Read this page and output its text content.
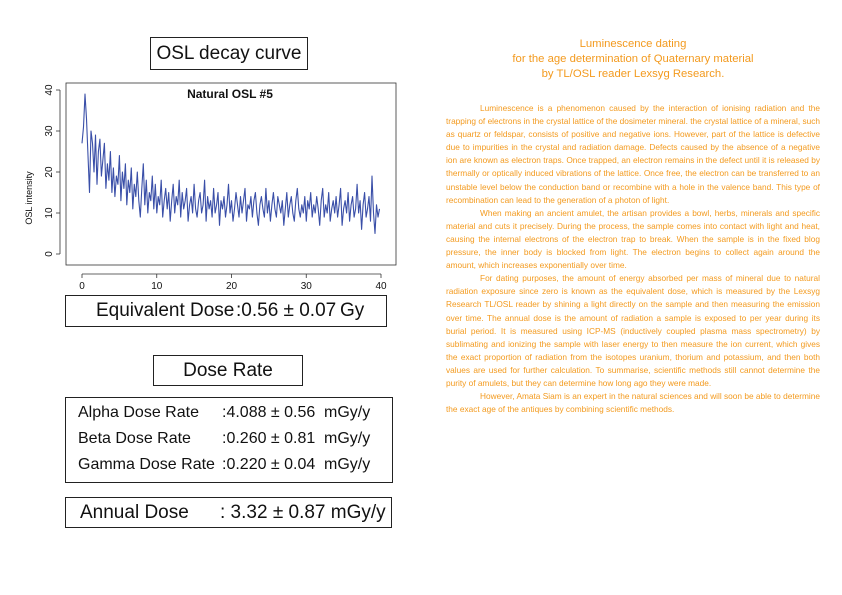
OSL decay curve
Natural OSL #5
OSL intensity
0	10	20	30	40
0
10
20
30
40
Equivalent Dose :0.56 ± 0.07 Gy
Dose Rate
Alpha Dose Rate :4.088 ± 0.56 mGy/y
Beta Dose Rate :0.260 ± 0.81 mGy/y
Gamma Dose Rate :0.220 ± 0.04 mGy/y
Annual Dose : 3.32 ± 0.87 mGy/y
Luminescence dating
for the age determination of Quaternary material
by TL/OSL reader Lexsyg Research.

Luminescence is a phenomenon caused by the interaction of ionising radiation and the trapping of electrons in the crystal lattice of the dosimeter mineral. the crystal lattice of a mineral, such as quartz or feldspar, consists of positive and negative ions. However, part of the lattice is defective due to impurities in the crystal and radiation damage. Defects caused by the absence of a negative ion are known as electron traps. Once trapped, an electron remains in the defect until it is released by thermally or optically induced vibrations of the lattice. Once free, the electron can be transferred to an unstable level below the conduction band or recombine with a hole in the valence band. This type of recombination can lead to the generation of a photon of light.

When making an ancient amulet, the artisan provides a bowl, herbs, minerals and specific material and cuts it precisely. During the process, the sample comes into contact with light and heat, causing the internal electrons of the electron trap to break. When the sample is in the fixed blog pressure, the inner body is blocked from light. The electron begins to collect again around the amount, which increases exponentially over time.

For dating purposes, the amount of energy absorbed per mass of mineral due to natural radiation exposure since zero is known as the equivalent dose, which is measured by the Lexsyg Research TL/OSL reader by shining a light directly on the sample and then measuring the emission over time. The annual dose is the amount of radiation a sample is exposed to per year during its burial period. It is measured using ICP-MS (inductively coupled plasma mass spectrometry) by sublimating and ionizing the sample with laser energy to then measure the ion current, which gives the exact proportion of radiation from the isotopes uranium, thorium and potassium, and then both values are used for further calculation. To summarise, scientific methods still cannot determine the purity of amulets, but they can determine how long ago they were made.

However, Amata Siam is an expert in the natural sciences and will soon be able to determine the exact age of the antiques by combining scientific methods.
